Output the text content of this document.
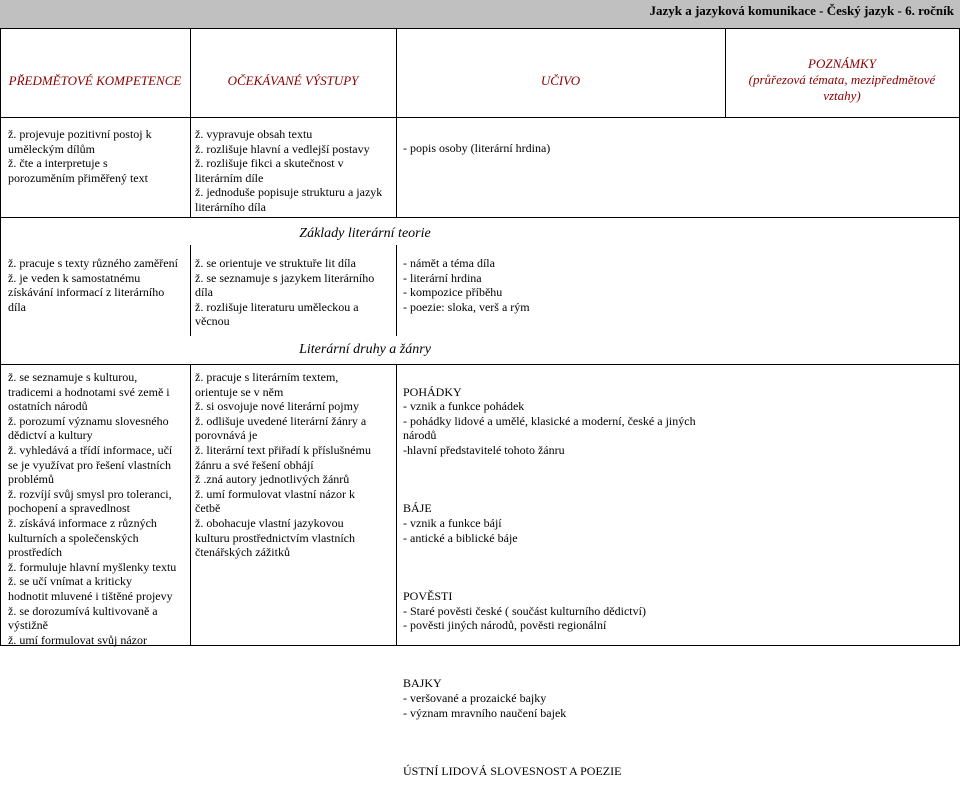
Jazyk a jazyková komunikace - Český jazyk - 6. ročník
PŘEDMĚTOVÉ KOMPETENCE	OČEKÁVANÉ VÝSTUPY	UČIVO
POZNÁMKY
(průřezová témata, mezipředmětové vztahy)
ž. projevuje pozitivní postoj k
uměleckým dílům
ž. čte a interpretuje s
porozuměním přiměřený text
ž. vypravuje obsah textu
ž. rozlišuje hlavní a vedlejší postavy
ž. rozlišuje fikci a skutečnost v
literárním díle
ž. jednoduše popisuje strukturu a jazyk
literárního díla
- popis osoby (literární hrdina)
Základy literární teorie
ž. pracuje s texty různého zaměření
ž. je veden k samostatnému
získávání informací z literárního
díla
ž. se orientuje ve struktuře lit díla
ž. se seznamuje s jazykem literárního
díla
ž. rozlišuje literaturu uměleckou a
věcnou
- námět a téma díla
- literární hrdina
- kompozice příběhu
- poezie: sloka, verš a rým
Literární druhy a žánry
ž. se seznamuje s kulturou,
tradicemi a hodnotami své země i
ostatních národů
ž. porozumí významu slovesného
dědictví a kultury
ž. vyhledává a třídí informace, učí
se je využívat pro řešení vlastních
problémů
ž. rozvíjí svůj smysl pro toleranci,
pochopení a spravedlnost
ž. získává informace z různých
kulturních a společenských
prostředích
ž. formuluje hlavní myšlenky textu
ž. se učí vnímat a kriticky
hodnotit mluvené i tištěné projevy
ž. se dorozumívá kultivovaně a
výstižně
ž. umí formulovat svůj názor
ž. pracuje s literárním textem,
orientuje se v něm
ž. si osvojuje nové literární pojmy
ž. odlišuje uvedené literární žánry a
porovnává je
ž. literární text přiřadí k příslušnému
žánru a své řešení obhájí
ž .zná autory jednotlivých žánrů
ž. umí formulovat vlastní názor k
četbě
ž. obohacuje vlastní jazykovou
kulturu prostřednictvím vlastních
čtenářských zážitků

POHÁDKY
- vznik a funkce pohádek
- pohádky lidové a umělé, klasické a moderní, české a jiných
národů
-hlavní představitelé tohoto žánru

BÁJE
- vznik a funkce bájí
- antické a biblické báje

POVĚSTI
- Staré pověsti české ( součást kulturního dědictví)
- pověsti jiných národů, pověsti regionální

BAJKY
- veršované a prozaické bajky
- význam mravního naučení bajek

ÚSTNÍ LIDOVÁ SLOVESNOST A POEZIE
